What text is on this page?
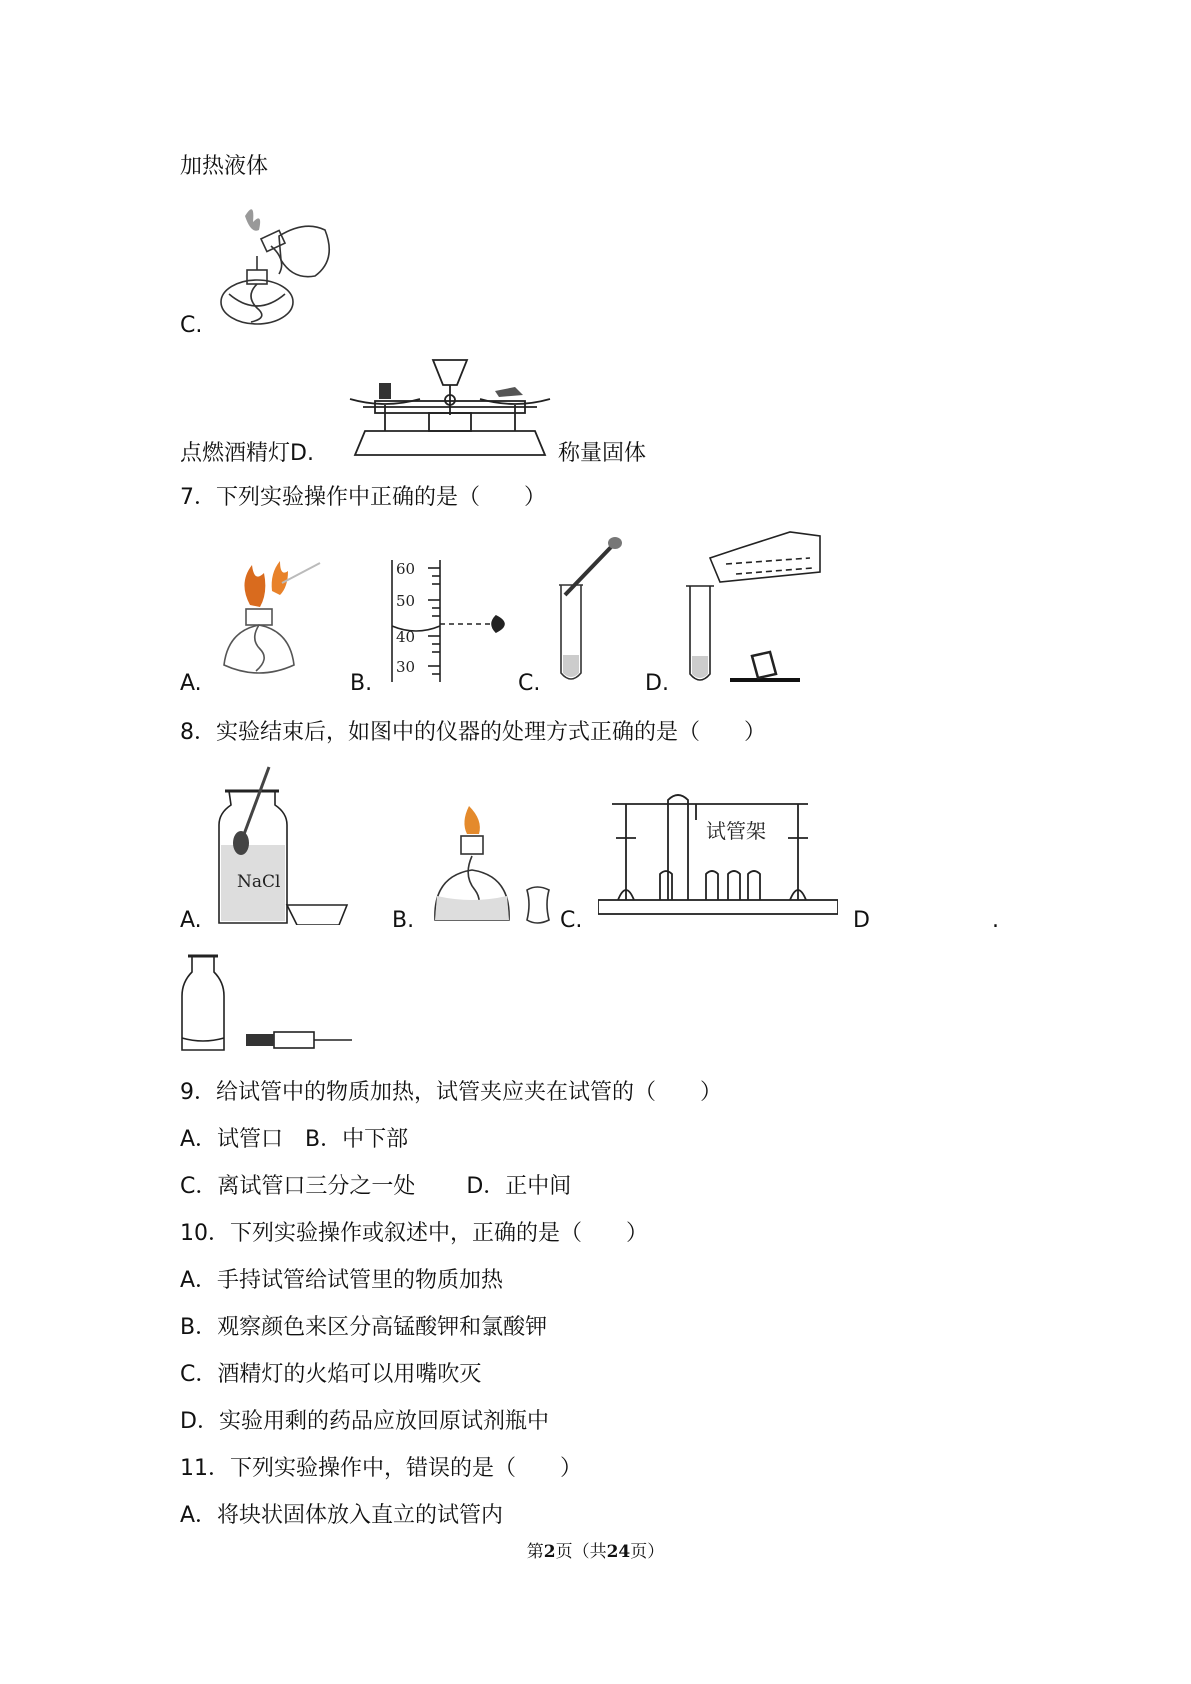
加热液体
C.
点燃酒精灯 D.	称量固体
7．下列实验操作中正确的是（　　）
A.
60
50
40
30
B.	C.	D.
8．实验结束后，如图中的仪器的处理方式正确的是（　　）
NaCl
A.	B.
试管架
C.	D	.
9．给试管中的物质加热，试管夹应夹在试管的（　　）
A．试管口　B．中下部
C．离试管口三分之一处　　 D．正中间
10．下列实验操作或叙述中，正确的是（　　）
A．手持试管给试管里的物质加热
B．观察颜色来区分高锰酸钾和氯酸钾
C．酒精灯的火焰可以用嘴吹灭
D．实验用剩的药品应放回原试剂瓶中
11．下列实验操作中，错误的是（　　）
A．将块状固体放入直立的试管内
第2页（共24页）
